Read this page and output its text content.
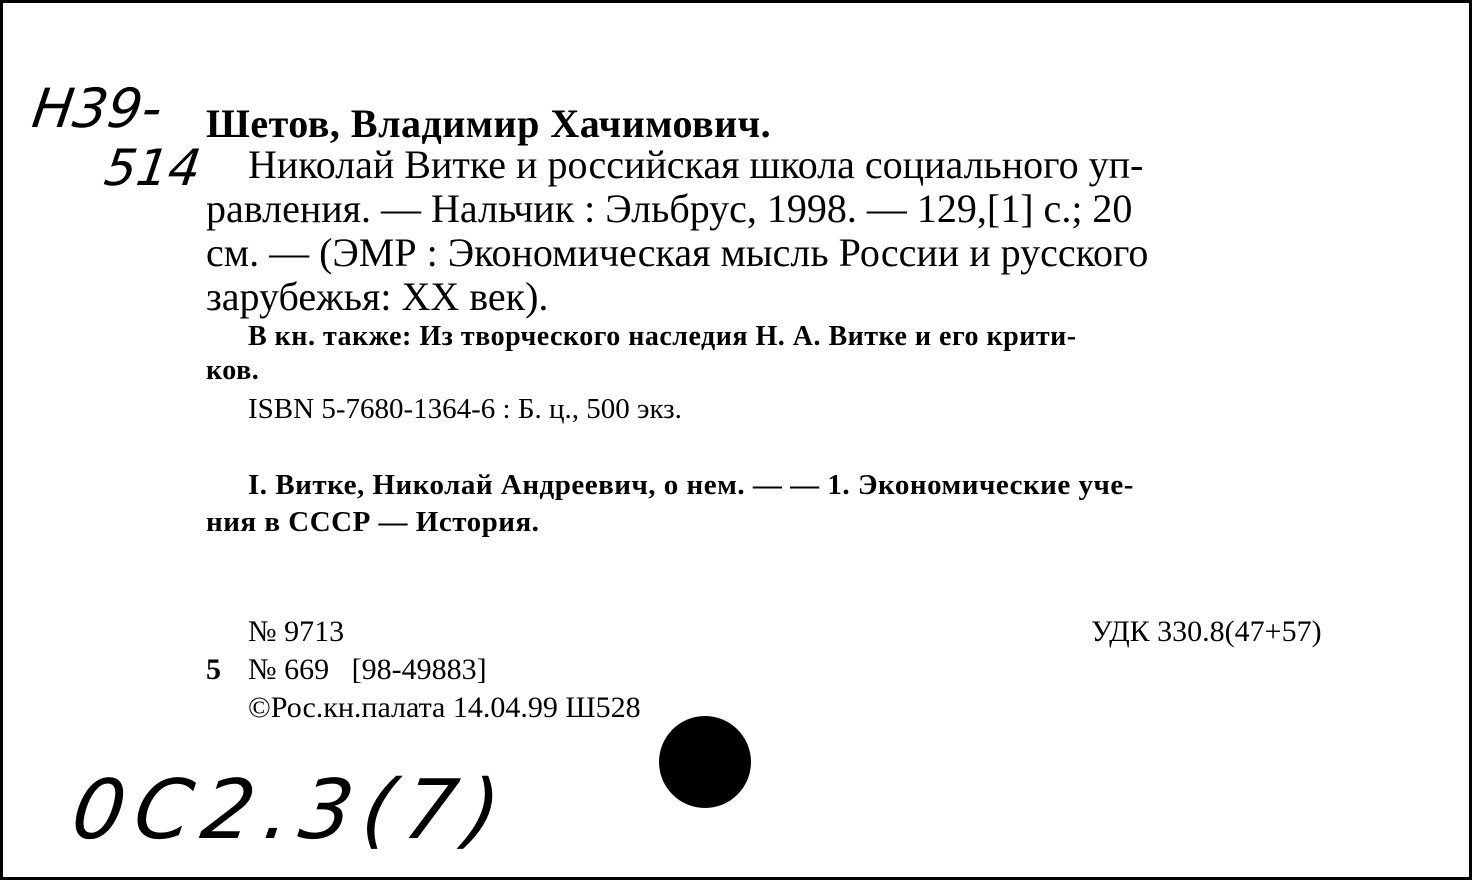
Н39-
514
Шетов, Владимир Хачимович.
Николай Витке и российская школа социального уп-
равления. — Нальчик : Эльбрус, 1998. — 129,[1] с.; 20
см. — (ЭМР : Экономическая мысль России и русского
зарубежья: XX век).
В кн. также: Из творческого наследия Н. А. Витке и его крити-
ков.
ISBN 5-7680-1364-6 : Б. ц., 500 экз.
I. Витке, Николай Андреевич, о нем. — — 1. Экономические уче-
ния в СССР — История.
№ 9713	УДК 330.8(47+57)
5 № 669   [98-49883]
©Рос.кн.палата 14.04.99 Ш528
0С2.3(7)
